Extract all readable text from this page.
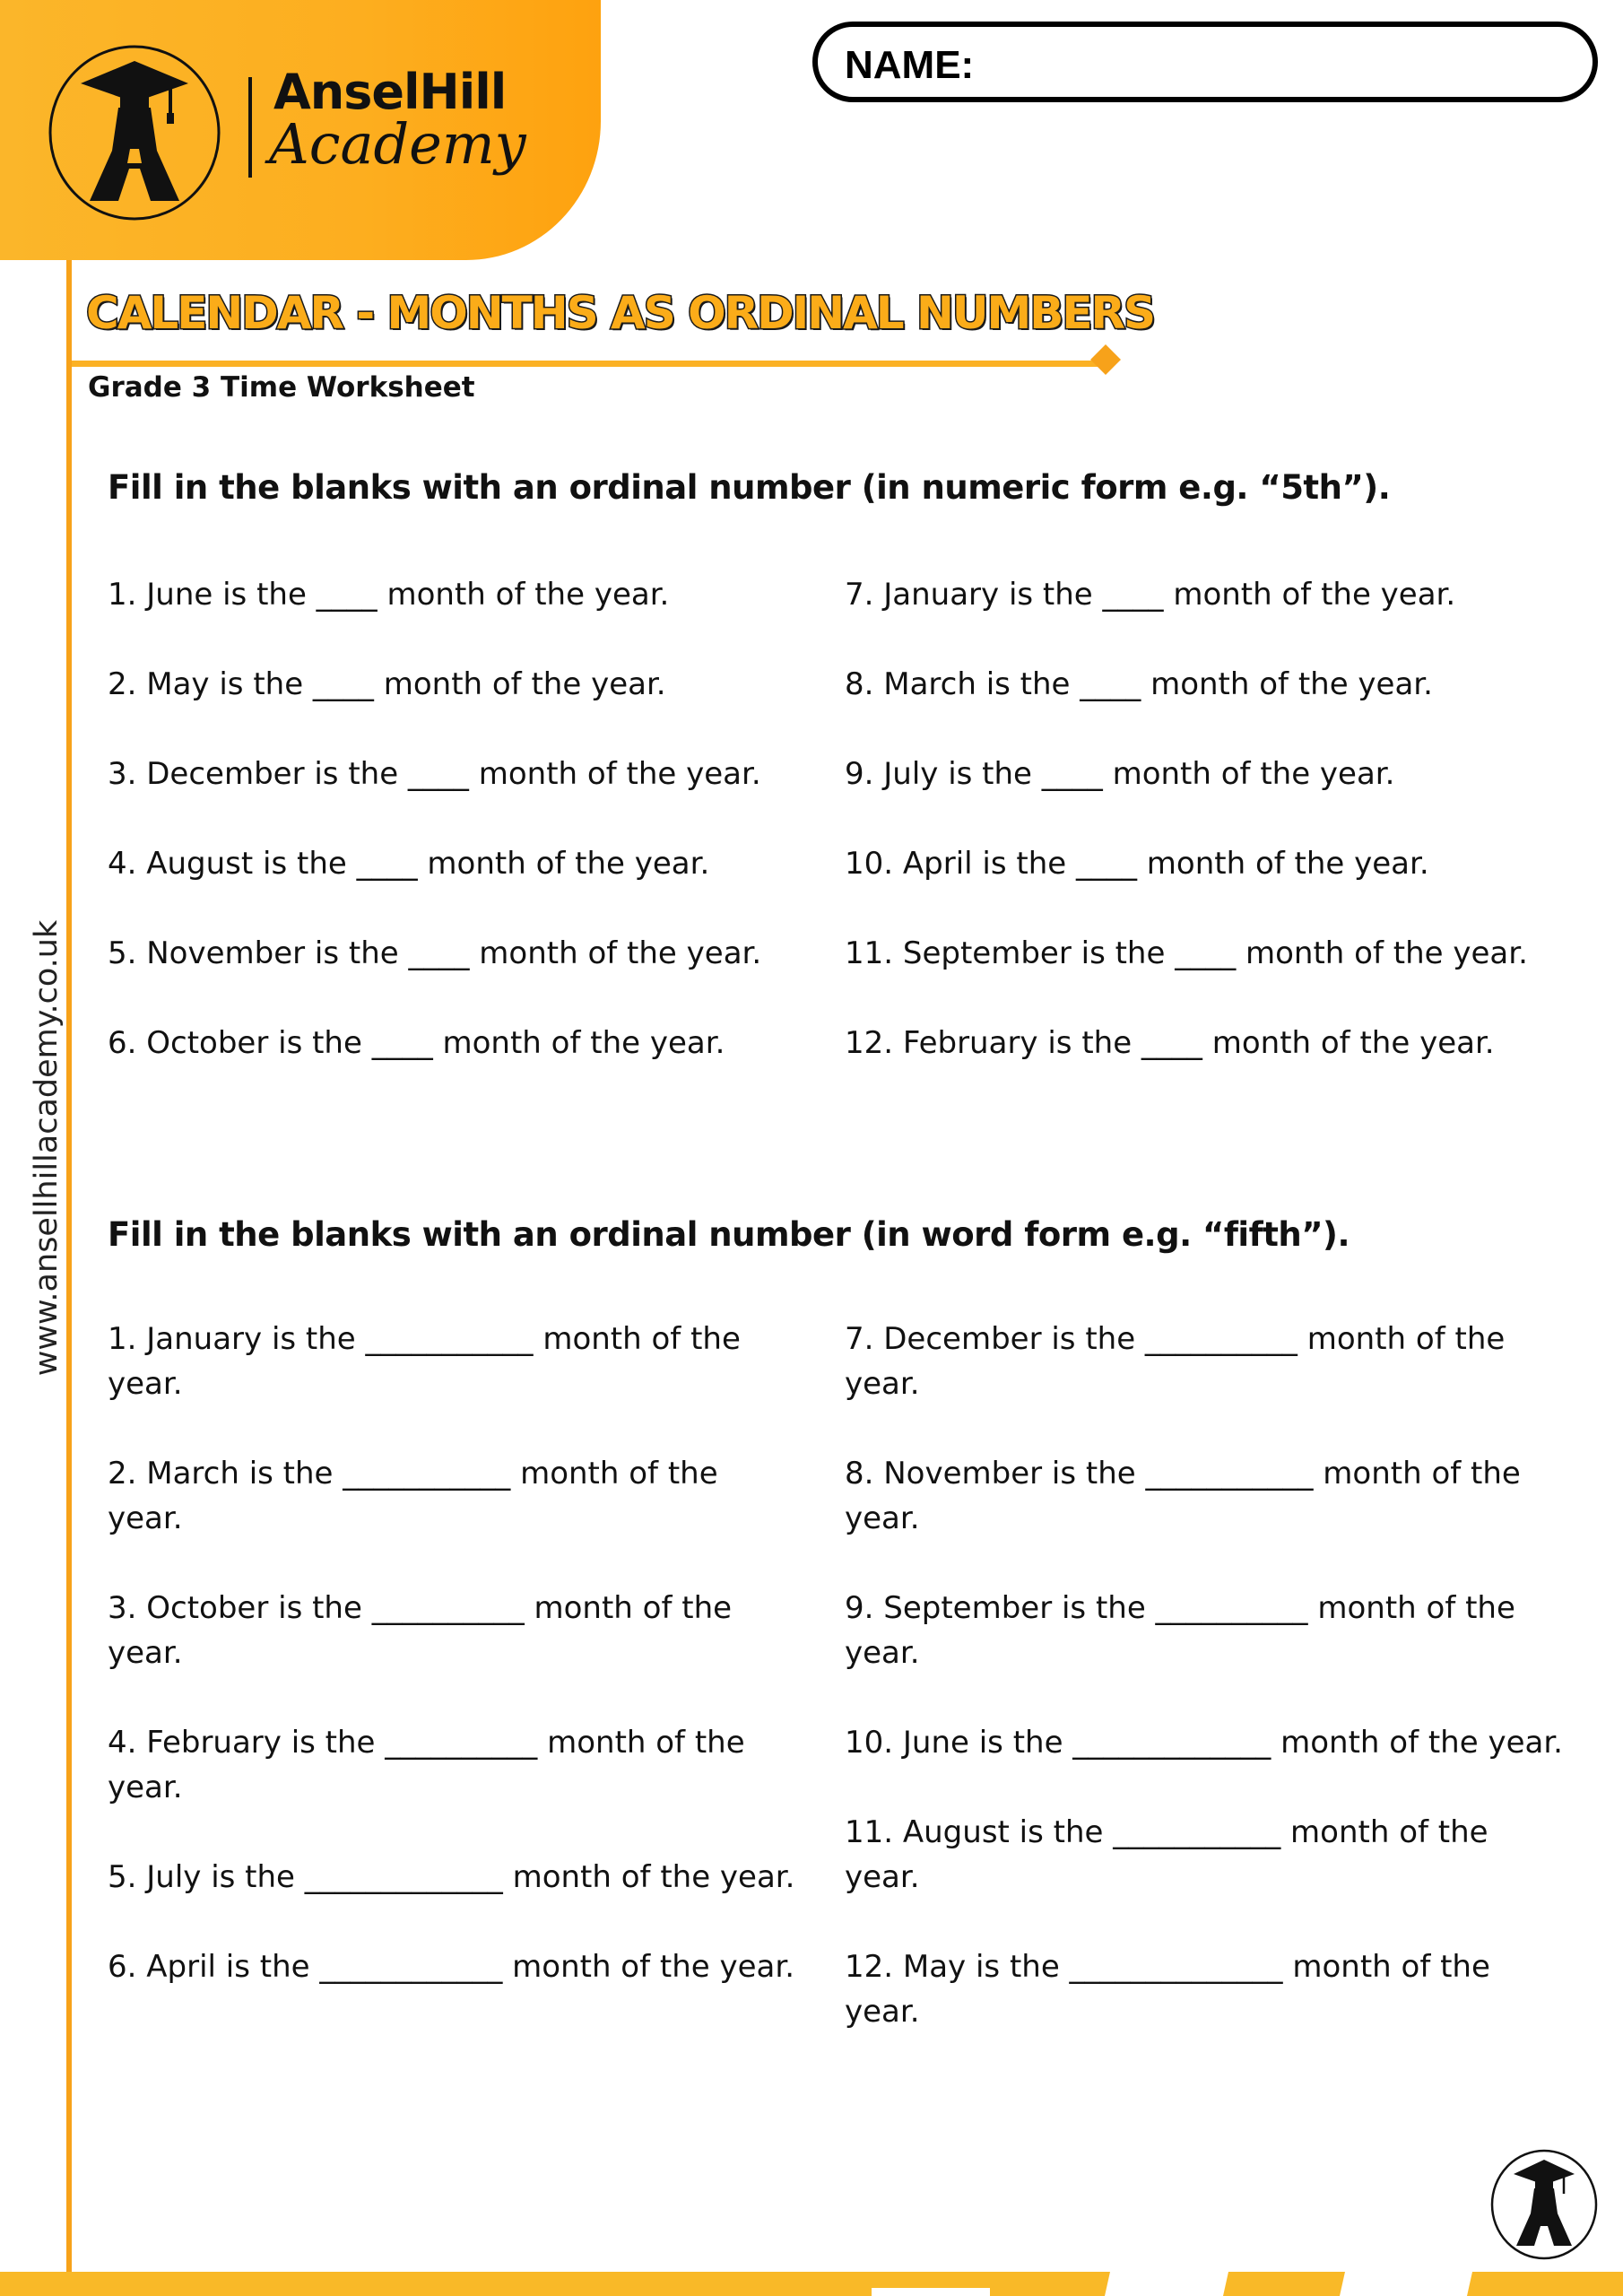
AnselHill
Academy
NAME:
www.ansellhillacademy.co.uk
CALENDAR - MONTHS AS ORDINAL NUMBERS
Grade 3 Time Worksheet
Fill in the blanks with an ordinal number (in numeric form e.g. “5th”).
1. June is the ____ month of the year.
2. May is the ____ month of the year.
3. December is the ____ month of the year.
4. August is the ____ month of the year.
5. November is the ____ month of the year.
6. October is the ____ month of the year.
7. January is the ____ month of the year.
8. March is the ____ month of the year.
9. July is the ____ month of the year.
10. April is the ____ month of the year.
11. September is the ____ month of the year.
12. February is the ____ month of the year.
Fill in the blanks with an ordinal number (in word form e.g. “fifth”).
1. January is the ___________ month of the year.
2. March is the ___________ month of the year.
3. October is the __________ month of the year.
4. February is the __________ month of the year.
5. July is the _____________ month of the year.
6. April is the ____________ month of the year.
7. December is the __________ month of the year.
8. November is the ___________ month of the year.
9. September is the __________ month of the year.
10. June is the _____________ month of the year.
11. August is the ___________ month of the year.
12. May is the ______________ month of the year.
